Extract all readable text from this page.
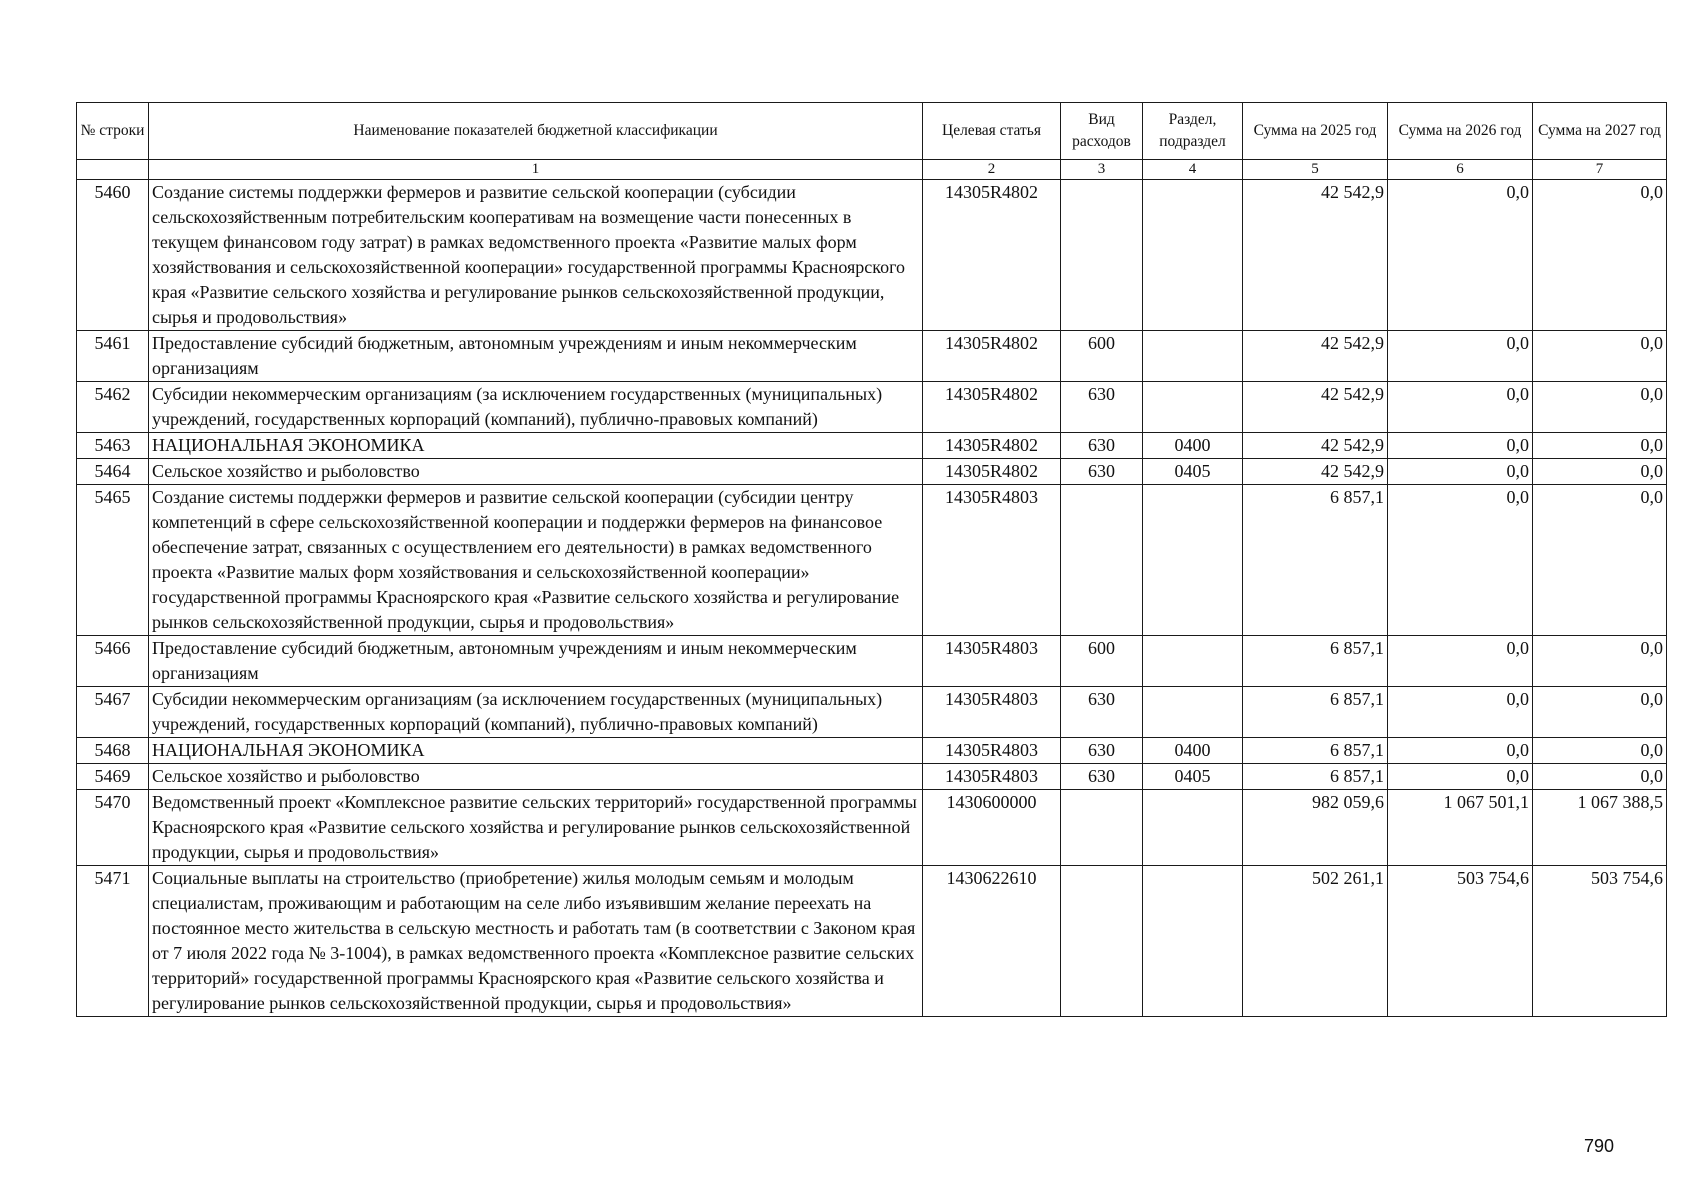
№ строки	Наименование показателей бюджетной классификации	Целевая статья	Вид расходов	Раздел, подраздел	Сумма на 2025 год	Сумма на 2026 год	Сумма на 2027 год
	1	2	3	4	5	6	7
5460	Создание системы поддержки фермеров и развитие сельской кооперации (субсидии сельскохозяйственным потребительским кооперативам на возмещение части понесенных в текущем финансовом году затрат) в рамках ведомственного проекта «Развитие малых форм хозяйствования и сельскохозяйственной кооперации» государственной программы Красноярского края «Развитие сельского хозяйства и регулирование рынков сельскохозяйственной продукции, сырья и продовольствия»	14305R4802			42 542,9	0,0	0,0
5461	Предоставление субсидий бюджетным, автономным учреждениям и иным некоммерческим организациям	14305R4802	600		42 542,9	0,0	0,0
5462	Субсидии некоммерческим организациям (за исключением государственных (муниципальных) учреждений, государственных корпораций (компаний), публично-правовых компаний)	14305R4802	630		42 542,9	0,0	0,0
5463	НАЦИОНАЛЬНАЯ ЭКОНОМИКА	14305R4802	630	0400	42 542,9	0,0	0,0
5464	Сельское хозяйство и рыболовство	14305R4802	630	0405	42 542,9	0,0	0,0
5465	Создание системы поддержки фермеров и развитие сельской кооперации (субсидии центру компетенций в сфере сельскохозяйственной кооперации и поддержки фермеров на финансовое обеспечение затрат, связанных с осуществлением его деятельности) в рамках ведомственного проекта «Развитие малых форм хозяйствования и сельскохозяйственной кооперации» государственной программы Красноярского края «Развитие сельского хозяйства и регулирование рынков сельскохозяйственной продукции, сырья и продовольствия»	14305R4803			6 857,1	0,0	0,0
5466	Предоставление субсидий бюджетным, автономным учреждениям и иным некоммерческим организациям	14305R4803	600		6 857,1	0,0	0,0
5467	Субсидии некоммерческим организациям (за исключением государственных (муниципальных) учреждений, государственных корпораций (компаний), публично-правовых компаний)	14305R4803	630		6 857,1	0,0	0,0
5468	НАЦИОНАЛЬНАЯ ЭКОНОМИКА	14305R4803	630	0400	6 857,1	0,0	0,0
5469	Сельское хозяйство и рыболовство	14305R4803	630	0405	6 857,1	0,0	0,0
5470	Ведомственный проект «Комплексное развитие сельских территорий» государственной программы Красноярского края «Развитие сельского хозяйства и регулирование рынков сельскохозяйственной продукции, сырья и продовольствия»	1430600000			982 059,6	1 067 501,1	1 067 388,5
5471	Социальные выплаты на строительство (приобретение) жилья молодым семьям и молодым специалистам, проживающим и работающим на селе либо изъявившим желание переехать на постоянное место жительства в сельскую местность и работать там (в соответствии с Законом края от 7 июля 2022 года № 3-1004), в рамках ведомственного проекта «Комплексное развитие сельских территорий» государственной программы Красноярского края «Развитие сельского хозяйства и регулирование рынков сельскохозяйственной продукции, сырья и продовольствия»	1430622610			502 261,1	503 754,6	503 754,6
790
